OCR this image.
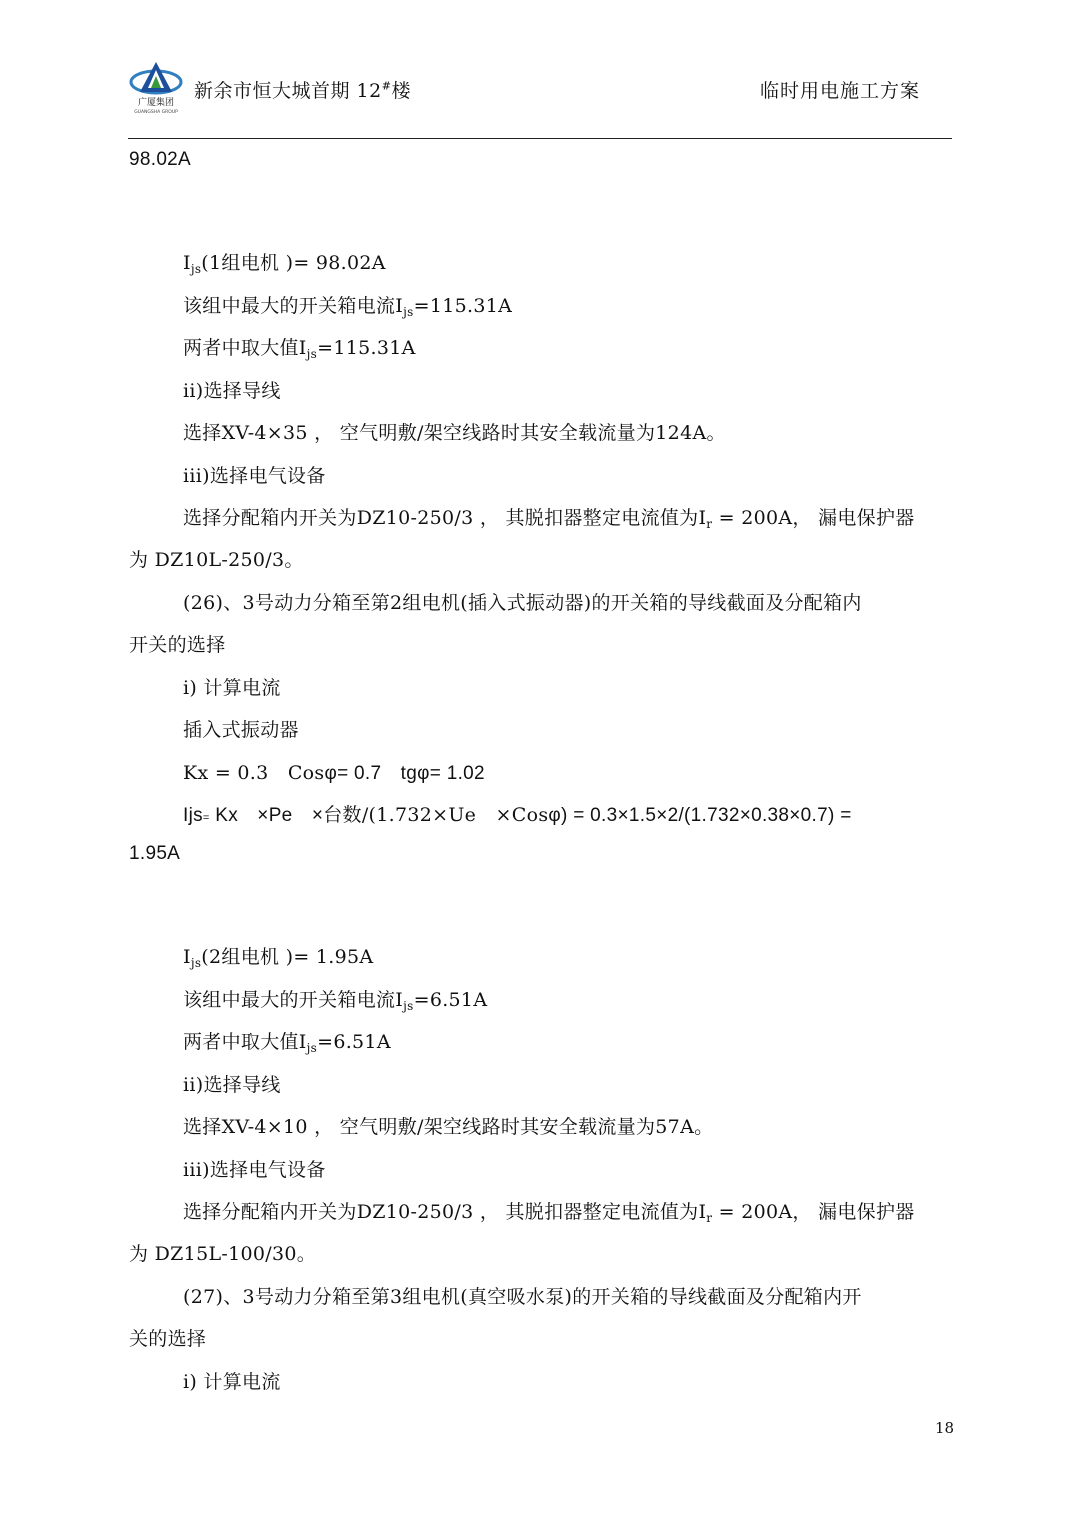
广厦集团
GUANGSHA GROUP
新余市恒大城首期 12#楼	临时用电施工方案
98.02A
$I_{js}(1$组电机 )= 98.02A
该组中最大的开关箱电流$I_{js}=115.31A$
两者中取大值$I_{js}=115.31A$
ii)选择导线
选择XV-4×35 ， 空气明敷/架空线路时其安全载流量为124A。
iii)选择电气设备
选择分配箱内开关为DZ10-250/3 ， 其脱扣器整定电流值为$I_r = 200A$， 漏电保护器
为 DZ10L-250/3。
(26)、3号动力分箱至第2组电机(插入式振动器)的开关箱的导线截面及分配箱内
开关的选择
i) 计算电流
插入式振动器
Kx = 0.3　Cosφ= 0.7　tgφ= 1.02
Ijs= Kx　×Pe　×台数/(1.732×Ue　×Cosφ) = 0.3×1.5×2/(1.732×0.38×0.7) =
1.95A
$I_{js}(2$组电机 )= 1.95A
该组中最大的开关箱电流$I_{js}=6.51A$
两者中取大值$I_{js}=6.51A$
ii)选择导线
选择XV-4×10 ， 空气明敷/架空线路时其安全载流量为57A。
iii)选择电气设备
选择分配箱内开关为DZ10-250/3 ， 其脱扣器整定电流值为$I_r = 200A$， 漏电保护器
为 DZ15L-100/30。
(27)、3号动力分箱至第3组电机(真空吸水泵)的开关箱的导线截面及分配箱内开
关的选择
i) 计算电流
18
